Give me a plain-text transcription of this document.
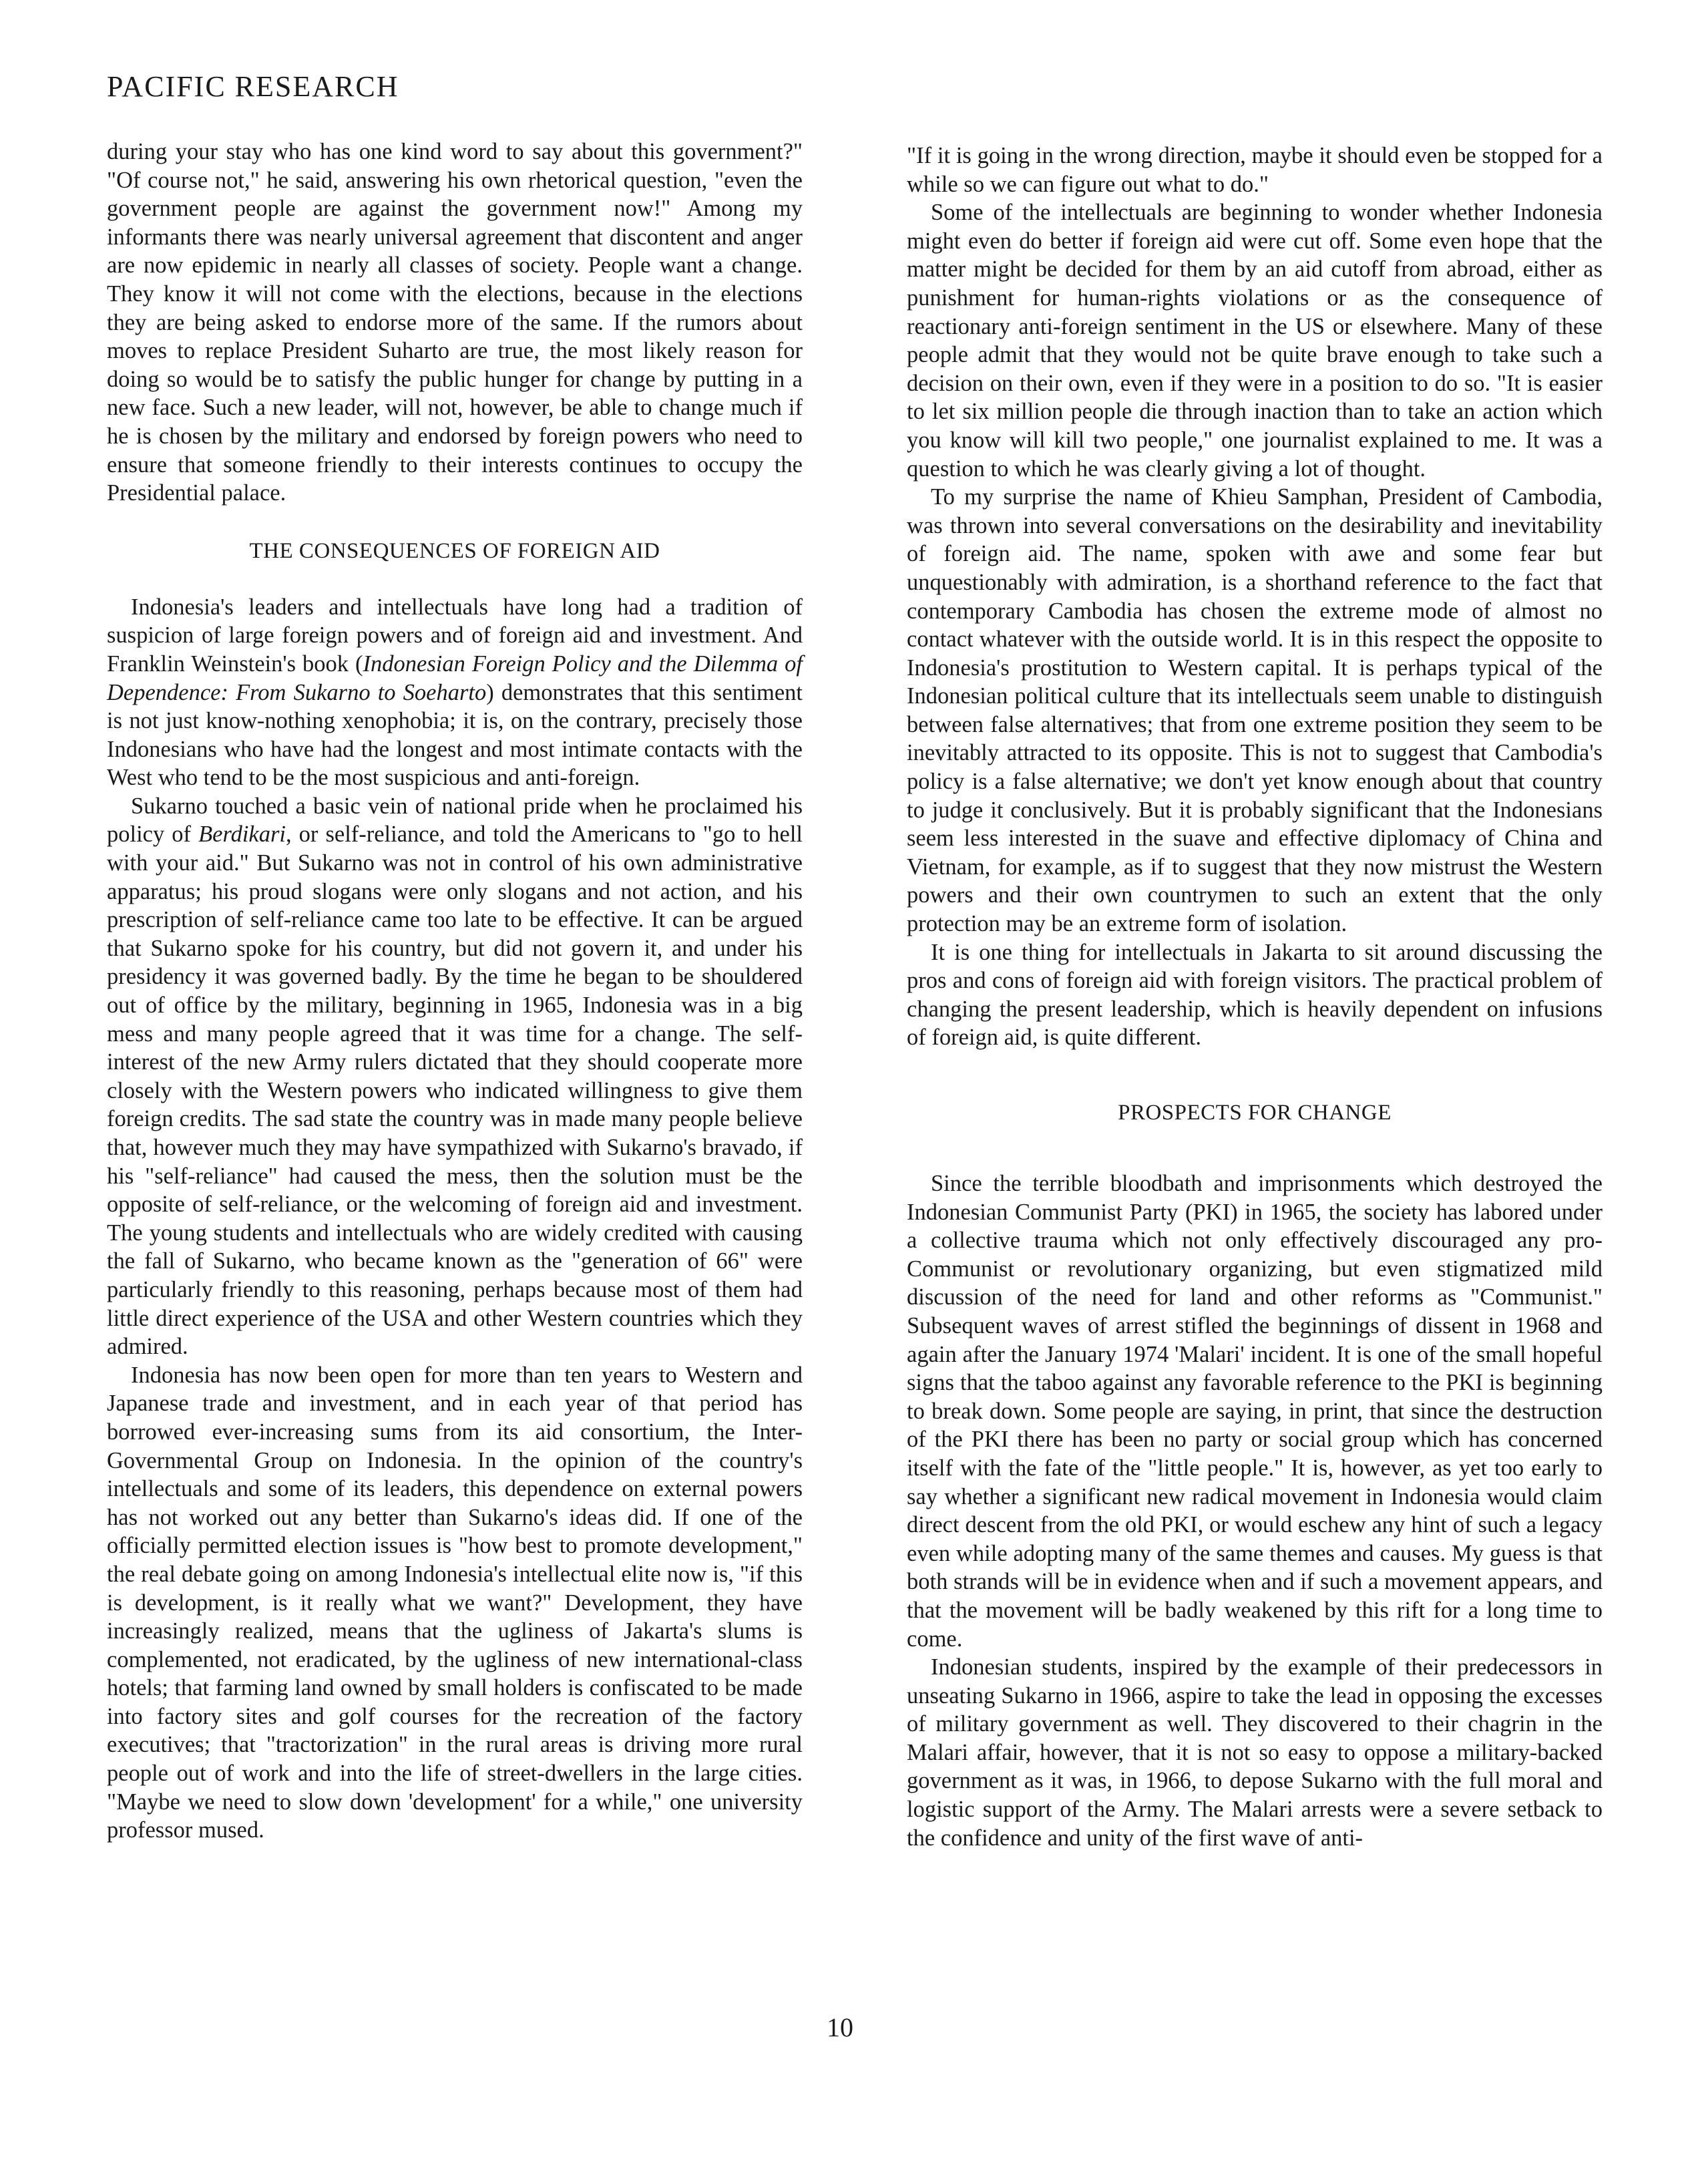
PACIFIC RESEARCH

during your stay who has one kind word to say about this government?" "Of course not," he said, answering his own rhetorical question, "even the government people are against the government now!" Among my informants there was nearly universal agreement that discontent and anger are now epidemic in nearly all classes of society. People want a change. They know it will not come with the elections, because in the elections they are being asked to endorse more of the same. If the rumors about moves to replace President Suharto are true, the most likely reason for doing so would be to satisfy the public hunger for change by putting in a new face. Such a new leader, will not, however, be able to change much if he is chosen by the military and endorsed by foreign powers who need to ensure that someone friendly to their interests continues to occupy the Presidential palace.

THE CONSEQUENCES OF FOREIGN AID

Indonesia's leaders and intellectuals have long had a tradition of suspicion of large foreign powers and of foreign aid and investment. And Franklin Weinstein's book (Indonesian Foreign Policy and the Dilemma of Dependence: From Sukarno to Soeharto) demonstrates that this sentiment is not just know-nothing xenophobia; it is, on the contrary, precisely those Indonesians who have had the longest and most intimate contacts with the West who tend to be the most suspicious and anti-foreign.

Sukarno touched a basic vein of national pride when he proclaimed his policy of Berdikari, or self-reliance, and told the Americans to "go to hell with your aid." But Sukarno was not in control of his own administrative apparatus; his proud slogans were only slogans and not action, and his prescription of self-reliance came too late to be effective. It can be argued that Sukarno spoke for his country, but did not govern it, and under his presidency it was governed badly. By the time he began to be shouldered out of office by the military, beginning in 1965, Indonesia was in a big mess and many people agreed that it was time for a change. The self-interest of the new Army rulers dictated that they should cooperate more closely with the Western powers who indicated willingness to give them foreign credits. The sad state the country was in made many people believe that, however much they may have sympathized with Sukarno's bravado, if his "self-reliance" had caused the mess, then the solution must be the opposite of self-reliance, or the welcoming of foreign aid and investment. The young students and intellectuals who are widely credited with causing the fall of Sukarno, who became known as the "generation of 66" were particularly friendly to this reasoning, perhaps because most of them had little direct experience of the USA and other Western countries which they admired.

Indonesia has now been open for more than ten years to Western and Japanese trade and investment, and in each year of that period has borrowed ever-increasing sums from its aid consortium, the Inter-Governmental Group on Indonesia. In the opinion of the country's intellectuals and some of its leaders, this dependence on external powers has not worked out any better than Sukarno's ideas did. If one of the officially permitted election issues is "how best to promote development," the real debate going on among Indonesia's intellectual elite now is, "if this is development, is it really what we want?" Development, they have increasingly realized, means that the ugliness of Jakarta's slums is complemented, not eradicated, by the ugliness of new international-class hotels; that farming land owned by small holders is confiscated to be made into factory sites and golf courses for the recreation of the factory executives; that "tractorization" in the rural areas is driving more rural people out of work and into the life of street-dwellers in the large cities. "Maybe we need to slow down 'development' for a while," one university professor mused.

"If it is going in the wrong direction, maybe it should even be stopped for a while so we can figure out what to do."

Some of the intellectuals are beginning to wonder whether Indonesia might even do better if foreign aid were cut off. Some even hope that the matter might be decided for them by an aid cutoff from abroad, either as punishment for human-rights violations or as the consequence of reactionary anti-foreign sentiment in the US or elsewhere. Many of these people admit that they would not be quite brave enough to take such a decision on their own, even if they were in a position to do so. "It is easier to let six million people die through inaction than to take an action which you know will kill two people," one journalist explained to me. It was a question to which he was clearly giving a lot of thought.

To my surprise the name of Khieu Samphan, President of Cambodia, was thrown into several conversations on the desirability and inevitability of foreign aid. The name, spoken with awe and some fear but unquestionably with admiration, is a shorthand reference to the fact that contemporary Cambodia has chosen the extreme mode of almost no contact whatever with the outside world. It is in this respect the opposite to Indonesia's prostitution to Western capital. It is perhaps typical of the Indonesian political culture that its intellectuals seem unable to distinguish between false alternatives; that from one extreme position they seem to be inevitably attracted to its opposite. This is not to suggest that Cambodia's policy is a false alternative; we don't yet know enough about that country to judge it conclusively. But it is probably significant that the Indonesians seem less interested in the suave and effective diplomacy of China and Vietnam, for example, as if to suggest that they now mistrust the Western powers and their own countrymen to such an extent that the only protection may be an extreme form of isolation.

It is one thing for intellectuals in Jakarta to sit around discussing the pros and cons of foreign aid with foreign visitors. The practical problem of changing the present leadership, which is heavily dependent on infusions of foreign aid, is quite different.

PROSPECTS FOR CHANGE

Since the terrible bloodbath and imprisonments which destroyed the Indonesian Communist Party (PKI) in 1965, the society has labored under a collective trauma which not only effectively discouraged any pro-Communist or revolutionary organizing, but even stigmatized mild discussion of the need for land and other reforms as "Communist." Subsequent waves of arrest stifled the beginnings of dissent in 1968 and again after the January 1974 'Malari' incident. It is one of the small hopeful signs that the taboo against any favorable reference to the PKI is beginning to break down. Some people are saying, in print, that since the destruction of the PKI there has been no party or social group which has concerned itself with the fate of the "little people." It is, however, as yet too early to say whether a significant new radical movement in Indonesia would claim direct descent from the old PKI, or would eschew any hint of such a legacy even while adopting many of the same themes and causes. My guess is that both strands will be in evidence when and if such a movement appears, and that the movement will be badly weakened by this rift for a long time to come.

Indonesian students, inspired by the example of their predecessors in unseating Sukarno in 1966, aspire to take the lead in opposing the excesses of military government as well. They discovered to their chagrin in the Malari affair, however, that it is not so easy to oppose a military-backed government as it was, in 1966, to depose Sukarno with the full moral and logistic support of the Army. The Malari arrests were a severe setback to the confidence and unity of the first wave of anti-

10
